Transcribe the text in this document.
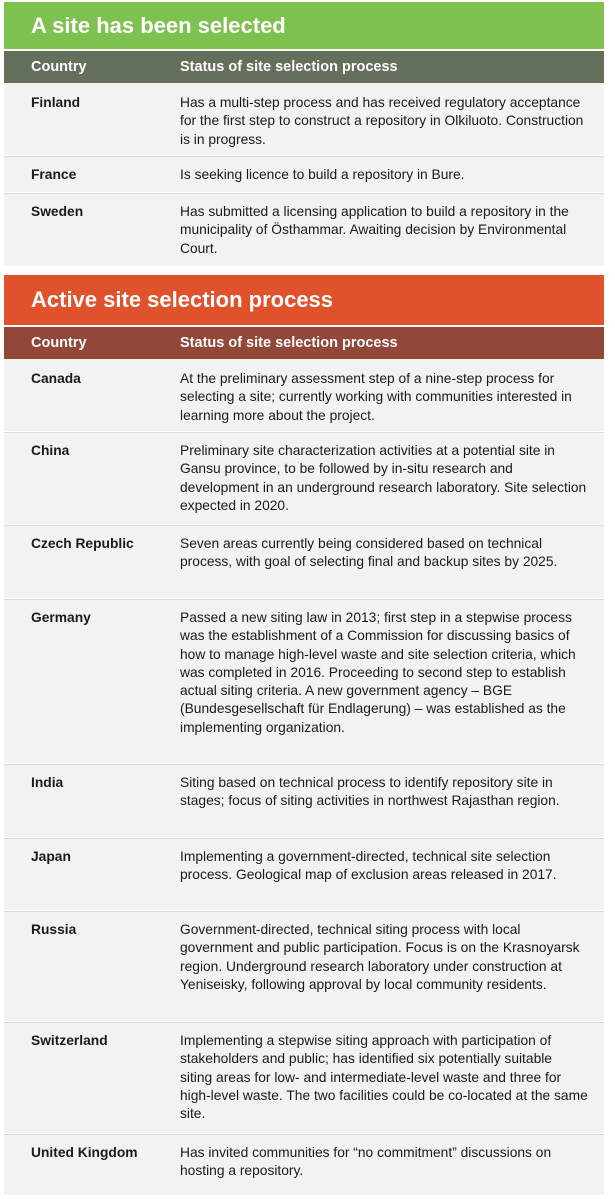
A site has been selected
Country	Status of site selection process
Finland	Has a multi-step process and has received regulatory acceptance for the first step to construct a repository in Olkiluoto. Construction is in progress.
France	Is seeking licence to build a repository in Bure.
Sweden	Has submitted a licensing application to build a repository in the municipality of Östhammar. Awaiting decision by Environmental Court.
Active site selection process
Country	Status of site selection process
Canada	At the preliminary assessment step of a nine-step process for selecting a site; currently working with communities interested in learning more about the project.
China	Preliminary site characterization activities at a potential site in Gansu province, to be followed by in-situ research and development in an underground research laboratory. Site selection expected in 2020.
Czech Republic	Seven areas currently being considered based on technical process, with goal of selecting final and backup sites by 2025.
Germany	Passed a new siting law in 2013; first step in a stepwise process was the establishment of a Commission for discussing basics of how to manage high-level waste and site selection criteria, which was completed in 2016. Proceeding to second step to establish actual siting criteria. A new government agency – BGE (Bundesgesellschaft für Endlagerung) – was established as the implementing organization.
India	Siting based on technical process to identify repository site in stages; focus of siting activities in northwest Rajasthan region.
Japan	Implementing a government-directed, technical site selection process. Geological map of exclusion areas released in 2017.
Russia	Government-directed, technical siting process with local government and public participation. Focus is on the Krasnoyarsk region. Underground research laboratory under construction at Yeniseisky, following approval by local community residents.
Switzerland	Implementing a stepwise siting approach with participation of stakeholders and public; has identified six potentially suitable siting areas for low- and intermediate-level waste and three for high-level waste. The two facilities could be co-located at the same site.
United Kingdom	Has invited communities for “no commitment” discussions on hosting a repository.
